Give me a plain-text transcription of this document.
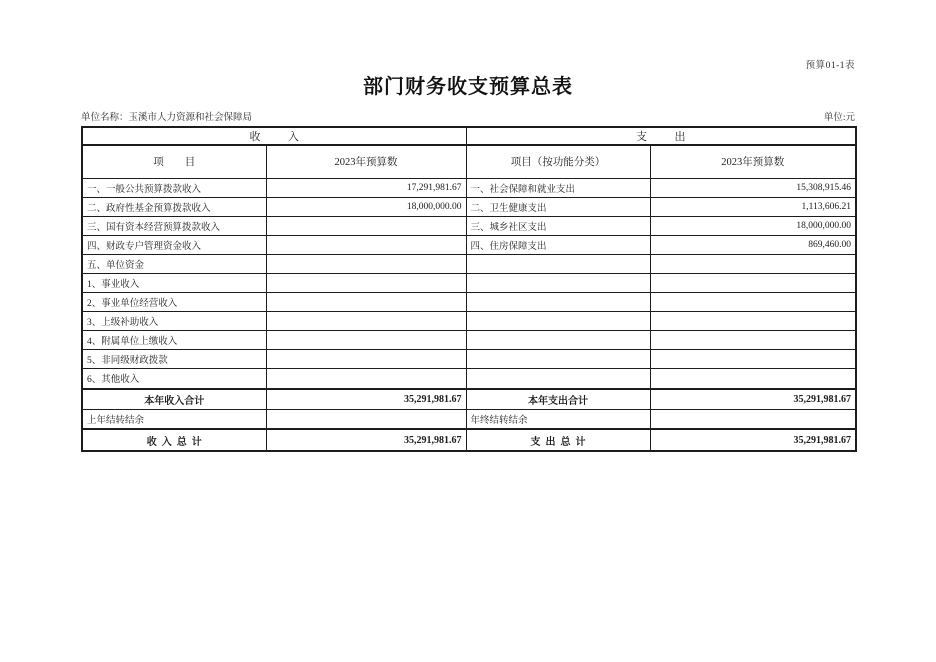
预算01-1表
部门财务收支预算总表
单位名称：玉溪市人力资源和社会保障局	单位:元
收          入		支          出	
项        目	2023年预算数	项目（按功能分类）	2023年预算数
一、一般公共预算拨款收入	17,291,981.67	一、社会保障和就业支出	15,308,915.46
二、政府性基金预算拨款收入	18,000,000.00	二、卫生健康支出	1,113,606.21
三、国有资本经营预算拨款收入		三、城乡社区支出	18,000,000.00
四、财政专户管理资金收入		四、住房保障支出	869,460.00
五、单位资金			
1、事业收入			
2、事业单位经营收入			
3、上级补助收入			
4、附属单位上缴收入			
5、非同级财政拨款			
6、其他收入			
本年收入合计	35,291,981.67	本年支出合计	35,291,981.67
上年结转结余		年终结转结余	
收  入  总  计	35,291,981.67	支  出  总  计	35,291,981.67
